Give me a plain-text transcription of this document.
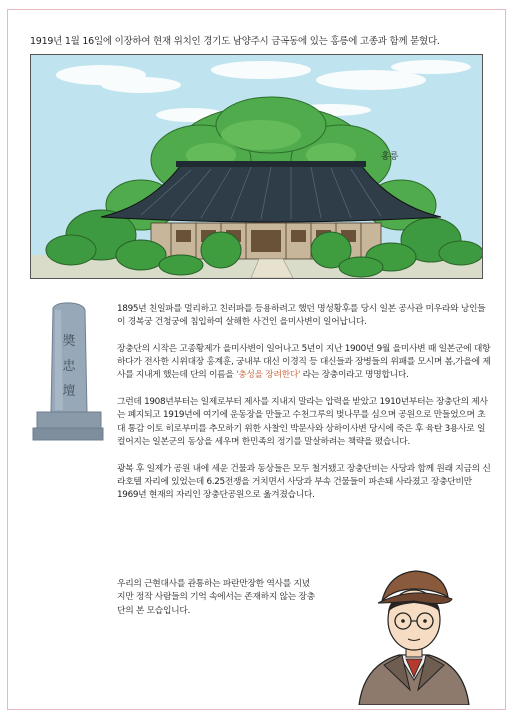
1919년 1월 16일에 이장하여 현재 위치인 경기도 남양주시 금곡동에 있는 홍릉에 고종과 함께 묻혔다.
홍릉
奬
忠
壇

1895년 친일파를 멀리하고 친러파를 등용하려고 했던 명성황후를 당시 일본 공사관 미우라와 낭인들이 경복궁 건청궁에 침입하여 살해한 사건인 을미사변이 일어납니다.

장충단의 시작은 고종황제가 을미사변이 일어나고 5년이 지난 1900년 9월 을미사변 때 일본군에 대항하다가 전사한 시위대장 홍계훈, 궁내부 대신 이경직 등 대신들과 장병들의 위패를 모시며 봄,가을에 제사를 지내게 했는데 단의 이름을 '충성을 장려한다' 라는 장충이라고 명명합니다.

그런데 1908년부터는 일제로부터 제사를 지내지 말라는 압력을 받았고 1910년부터는 장충단의 제사는 폐지되고 1919년에 여기에 운동장을 만들고 수천그루의 벚나무를 심으며 공원으로 만들었으며 초대 통감 이토 히로부미를 추모하기 위한 사찰인 박문사와 상하이사변 당시에 죽은 후 육탄 3용사로 일컬어지는 일본군의 동상을 세우며 한민족의 정기를 말살하려는 책략을 폈습니다.

광복 후 일제가 공원 내에 세운 건물과 동상들은 모두 철거됐고 장충단비는 사당과 함께 원래 지금의 신라호텔 자리에 있었는데 6.25전쟁을 거치면서 사당과 부속 건물들이 파손돼 사라졌고 장충단비만 1969년 현재의 자리인 장충단공원으로 옮겨졌습니다.

우리의 근현대사를 관통하는 파란만장한 역사를 지녔지만 정작 사람들의 기억 속에서는 존재하지 않는 장충단의 본 모습입니다.
